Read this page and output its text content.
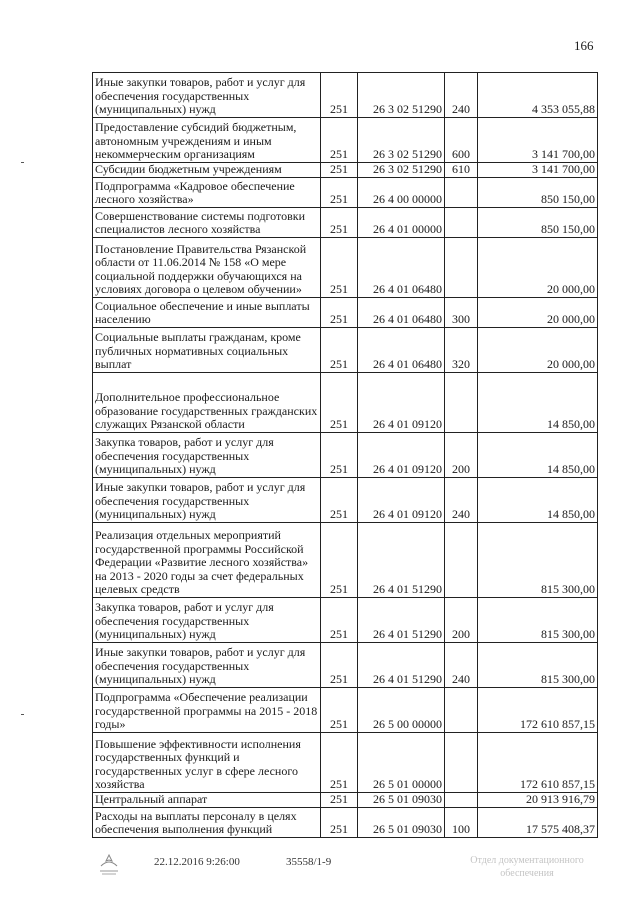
166
Иные закупки товаров, работ и услуг для обеспечения государственных (муниципальных) нужд	251	26 3 02 51290	240	4 353 055,88
Предоставление субсидий бюджетным, автономным учреждениям и иным некоммерческим организациям	251	26 3 02 51290	600	3 141 700,00
Субсидии бюджетным учреждениям	251	26 3 02 51290	610	3 141 700,00
Подпрограмма «Кадровое обеспечение лесного хозяйства»	251	26 4 00 00000		850 150,00
Совершенствование системы подготовки специалистов лесного хозяйства	251	26 4 01 00000		850 150,00
Постановление Правительства Рязанской области от 11.06.2014 № 158 «О мере социальной поддержки обучающихся на условиях договора о целевом обучении»	251	26 4 01 06480		20 000,00
Социальное обеспечение и иные выплаты населению	251	26 4 01 06480	300	20 000,00
Социальные выплаты гражданам, кроме публичных нормативных социальных выплат	251	26 4 01 06480	320	20 000,00
Дополнительное профессиональное образование государственных гражданских служащих Рязанской области	251	26 4 01 09120		14 850,00
Закупка товаров, работ и услуг для обеспечения государственных (муниципальных) нужд	251	26 4 01 09120	200	14 850,00
Иные закупки товаров, работ и услуг для обеспечения государственных (муниципальных) нужд	251	26 4 01 09120	240	14 850,00
Реализация отдельных мероприятий государственной программы Российской Федерации «Развитие лесного хозяйства» на 2013 - 2020 годы за счет федеральных целевых средств	251	26 4 01 51290		815 300,00
Закупка товаров, работ и услуг для обеспечения государственных (муниципальных) нужд	251	26 4 01 51290	200	815 300,00
Иные закупки товаров, работ и услуг для обеспечения государственных (муниципальных) нужд	251	26 4 01 51290	240	815 300,00
Подпрограмма «Обеспечение реализации государственной программы на 2015 - 2018 годы»	251	26 5 00 00000		172 610 857,15
Повышение эффективности исполнения государственных функций и государственных услуг в сфере лесного хозяйства	251	26 5 01 00000		172 610 857,15
Центральный аппарат	251	26 5 01 09030		20 913 916,79
Расходы на выплаты персоналу в целях обеспечения выполнения функций	251	26 5 01 09030	100	17 575 408,37
22.12.2016 9:26:00	35558/1-9	Отдел документационного
обеспечения
